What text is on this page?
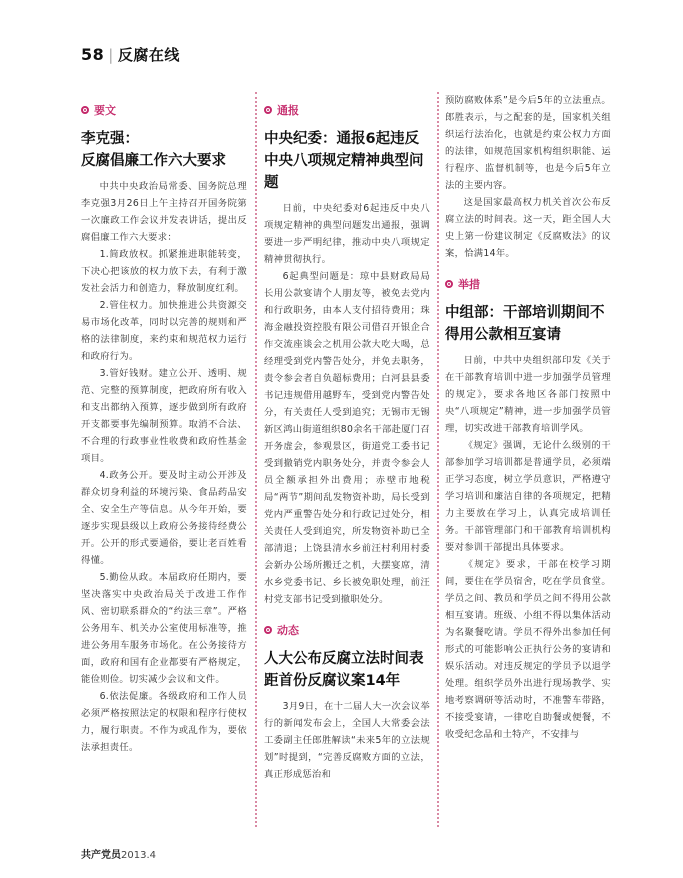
58 | 反腐在线
要文
李克强：
反腐倡廉工作六大要求

中共中央政治局常委、国务院总理李克强3月26日上午主持召开国务院第一次廉政工作会议并发表讲话，提出反腐倡廉工作六大要求：

1.简政放权。抓紧推进职能转变，下决心把该放的权力放下去，有利于激发社会活力和创造力，释放制度红利。

2.管住权力。加快推进公共资源交易市场化改革，同时以完善的规则和严格的法律制度，来约束和规范权力运行和政府行为。

3.管好钱财。建立公开、透明、规范、完整的预算制度，把政府所有收入和支出都纳入预算，逐步做到所有政府开支都要事先编制预算。取消不合法、不合理的行政事业性收费和政府性基金项目。

4.政务公开。要及时主动公开涉及群众切身利益的环境污染、食品药品安全、安全生产等信息。从今年开始，要逐步实现县级以上政府公务接待经费公开。公开的形式要通俗，要让老百姓看得懂。

5.勤俭从政。本届政府任期内，要坚决落实中央政治局关于改进工作作风、密切联系群众的“约法三章”。严格公务用车、机关办公室使用标准等，推进公务用车服务市场化。在公务接待方面，政府和国有企业都要有严格规定，能俭则俭。切实减少会议和文件。

6.依法促廉。各级政府和工作人员必须严格按照法定的权限和程序行使权力，履行职责。不作为或乱作为，要依法承担责任。

通报
中央纪委：通报6起违反中央八项规定精神典型问题

日前，中央纪委对6起违反中央八项规定精神的典型问题发出通报，强调要进一步严明纪律，推动中央八项规定精神贯彻执行。

6起典型问题是：琼中县财政局局长用公款宴请个人朋友等，被免去党内和行政职务，由本人支付招待费用；珠海金融投资控股有限公司借召开银企合作交流座谈会之机用公款大吃大喝，总经理受到党内警告处分，并免去职务，责令参会者自负超标费用；白河县县委书记违规借用越野车，受到党内警告处分，有关责任人受到追究；无锡市无锡新区鸿山街道组织80余名干部赴厦门召开务虚会，参观景区，街道党工委书记受到撤销党内职务处分，并责令参会人员全额承担外出费用；赤壁市地税局“两节”期间乱发物资补助，局长受到党内严重警告处分和行政记过处分，相关责任人受到追究，所发物资补助已全部清退；上饶县清水乡前汪村利用村委会新办公场所搬迁之机，大摆宴席，清水乡党委书记、乡长被免职处理，前汪村党支部书记受到撤职处分。

动态
人大公布反腐立法时间表距首份反腐议案14年

3月9日，在十二届人大一次会议举行的新闻发布会上，全国人大常委会法工委副主任郎胜解读“未来5年的立法规划”时提到，“完善反腐败方面的立法，真正形成惩治和

预防腐败体系”是今后5年的立法重点。郎胜表示，与之配套的是，国家机关组织运行法治化，也就是约束公权力方面的法律，如规范国家机构组织职能、运行程序、监督机制等，也是今后5年立法的主要内容。

这是国家最高权力机关首次公布反腐立法的时间表。这一天，距全国人大史上第一份建议制定《反腐败法》的议案，恰满14年。

举措
中组部：干部培训期间不得用公款相互宴请

日前，中共中央组织部印发《关于在干部教育培训中进一步加强学员管理的规定》，要求各地区各部门按照中央“八项规定”精神，进一步加强学员管理，切实改进干部教育培训学风。

《规定》强调，无论什么级别的干部参加学习培训都是普通学员，必须端正学习态度，树立学员意识，严格遵守学习培训和廉洁自律的各项规定，把精力主要放在学习上，认真完成培训任务。干部管理部门和干部教育培训机构要对参训干部提出具体要求。

《规定》要求，干部在校学习期间，要住在学员宿舍，吃在学员食堂。学员之间、教员和学员之间不得用公款相互宴请。班级、小组不得以集体活动为名聚餐吃请。学员不得外出参加任何形式的可能影响公正执行公务的宴请和娱乐活动。对违反规定的学员予以退学处理。组织学员外出进行现场教学、实地考察调研等活动时，不准警车带路，不接受宴请，一律吃自助餐或便餐，不收受纪念品和土特产，不安排与

共产党员2013.4
